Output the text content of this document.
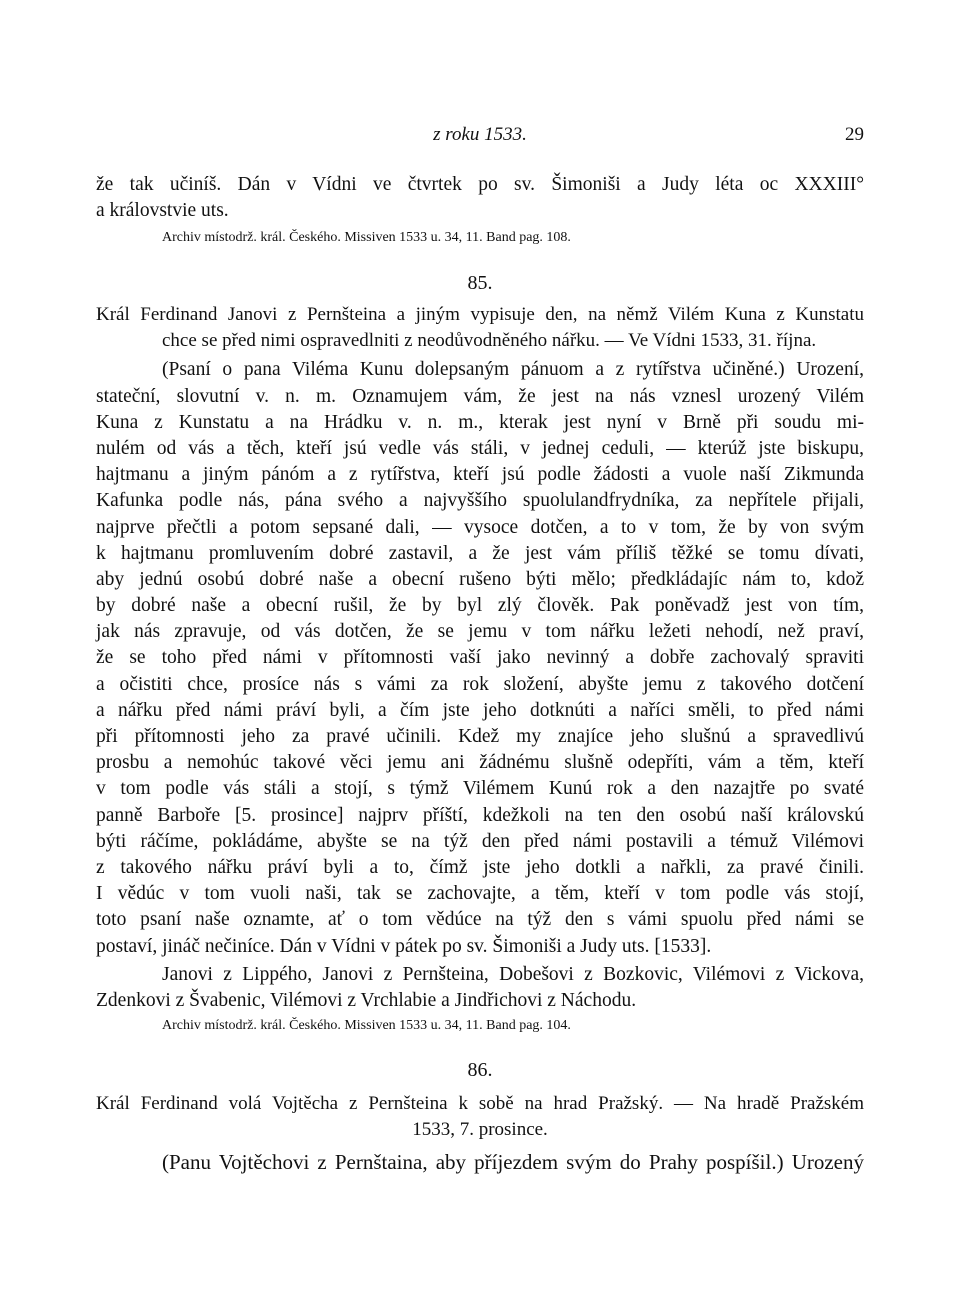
z roku 1533.	29
že tak učiníš. Dán v Vídni ve čtvrtek po sv. Šimoniši a Judy léta oc XXXIII°
a královstvie uts.
Archiv místodrž. král. Českého. Missiven 1533 u. 34, 11. Band pag. 108.
85.
Král Ferdinand Janovi z Pernšteina a jiným vypisuje den, na němž Vilém Kuna z Kunstatu
chce se před nimi ospravedlniti z neodůvodněného nářku. — Ve Vídni 1533, 31. října.
(Psaní o pana Viléma Kunu dolepsaným pánuom a z rytířstva učiněné.) Urození,
stateční, slovutní v. n. m. Oznamujem vám, že jest na nás vznesl urozený Vilém
Kuna z Kunstatu a na Hrádku v. n. m., kterak jest nyní v Brně při soudu mi-
nulém od vás a těch, kteří jsú vedle vás stáli, v jednej ceduli, — kterúž jste biskupu,
hajtmanu a jiným pánóm a z rytířstva, kteří jsú podle žádosti a vuole naší Zikmunda
Kafunka podle nás, pána svého a najvyššího spuolulandfrydníka, za nepřítele přijali,
najprve přečtli a potom sepsané dali, — vysoce dotčen, a to v tom, že by von svým
k hajtmanu promluvením dobré zastavil, a že jest vám příliš těžké se tomu dívati,
aby jednú osobú dobré naše a obecní rušeno býti mělo; předkládajíc nám to, kdož
by dobré naše a obecní rušil, že by byl zlý člověk. Pak poněvadž jest von tím,
jak nás zpravuje, od vás dotčen, že se jemu v tom nářku ležeti nehodí, než praví,
že se toho před námi v přítomnosti vaší jako nevinný a dobře zachovalý spraviti
a očistiti chce, prosíce nás s vámi za rok složení, abyšte jemu z takového dotčení
a nářku před námi práví byli, a čím jste jeho dotknúti a naříci směli, to před námi
při přítomnosti jeho za pravé učinili. Kdež my znajíce jeho slušnú a spravedlivú
prosbu a nemohúc takové věci jemu ani žádnému slušně odepříti, vám a těm, kteří
v tom podle vás stáli a stojí, s týmž Vilémem Kunú rok a den nazajtře po svaté
panně Barboře [5. prosince] najprv příští, kdežkoli na ten den osobú naší královskú
býti ráčíme, pokládáme, abyšte se na týž den před námi postavili a témuž Vilémovi
z takového nářku práví byli a to, čímž jste jeho dotkli a nařkli, za pravé činili.
I vědúc v tom vuoli naši, tak se zachovajte, a těm, kteří v tom podle vás stojí,
toto psaní naše oznamte, ať o tom vědúce na týž den s vámi spuolu před námi se
postaví, jináč nečiníce. Dán v Vídni v pátek po sv. Šimoniši a Judy uts. [1533].
Janovi z Lippého, Janovi z Pernšteina, Dobešovi z Bozkovic, Vilémovi z Vickova,
Zdenkovi z Švabenic, Vilémovi z Vrchlabie a Jindřichovi z Náchodu.
Archiv místodrž. král. Českého. Missiven 1533 u. 34, 11. Band pag. 104.
86.
Král Ferdinand volá Vojtěcha z Pernšteina k sobě na hrad Pražský. — Na hradě Pražském
1533, 7. prosince.
(Panu Vojtěchovi z Pernštaina, aby příjezdem svým do Prahy pospíšil.) Urozený
